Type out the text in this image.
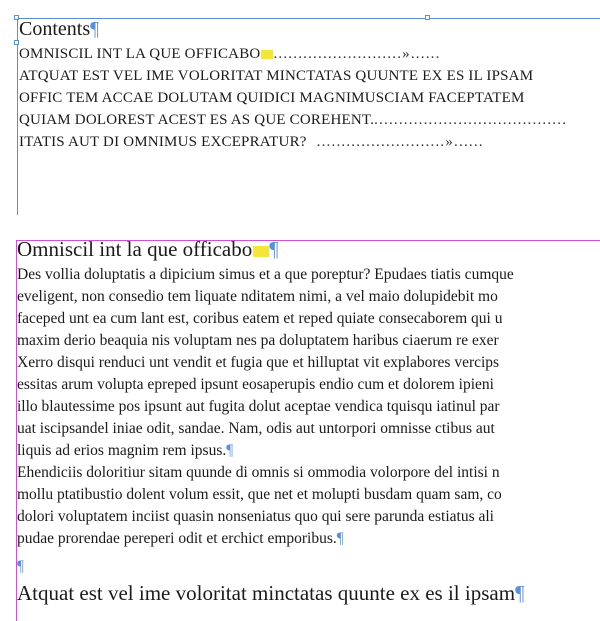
Contents¶
OMNISCIL INT LA QUE OFFICABO ..........................»......
ATQUAT EST VEL IME VOLORITAT MINCTATAS QUUNTE EX ES IL IPSAM
OFFIC TEM ACCAE DOLUTAM QUIDICI MAGNIMUSCIAM FACEPTATEM
QUIAM DOLOREST ACEST ES AS QUE COREHENT........................................
ITATIS AUT DI OMNIMUS EXCEPRATUR? ..........................»......
Omniscil int la que officabo ¶
Des vollia doluptatis a dipicium simus et a que poreptur? Epudaes tiatis cumque
eveligent, non consedio tem liquate nditatem nimi, a vel maio dolupidebit mo
faceped unt ea cum lant est, coribus eatem et reped quiate consecaborem qui u
maxim derio beaquia nis voluptam nes pa doluptatem haribus ciaerum re exer
Xerro disqui renduci unt vendit et fugia que et hilluptat vit explabores vercips
essitas arum volupta epreped ipsunt eosaperupis endio cum et dolorem ipieni
illo blautessime pos ipsunt aut fugita dolut aceptae vendica tquisqu iatinul par
uat iscipsandel iniae odit, sandae. Nam, odis aut untorpori omnisse ctibus aut
liquis ad erios magnim rem ipsus.¶
Ehendiciis doloritiur sitam quunde di omnis si ommodia volorpore del intisi n
mollu ptatibustio dolent volum essit, que net et molupti busdam quam sam, co
dolori voluptatem inciist quasin nonseniatus quo qui sere parunda estiatus ali
pudae prorendae pereperi odit et erchict emporibus.¶
¶
Atquat est vel ime voloritat minctatas quunte ex es il ipsam¶
